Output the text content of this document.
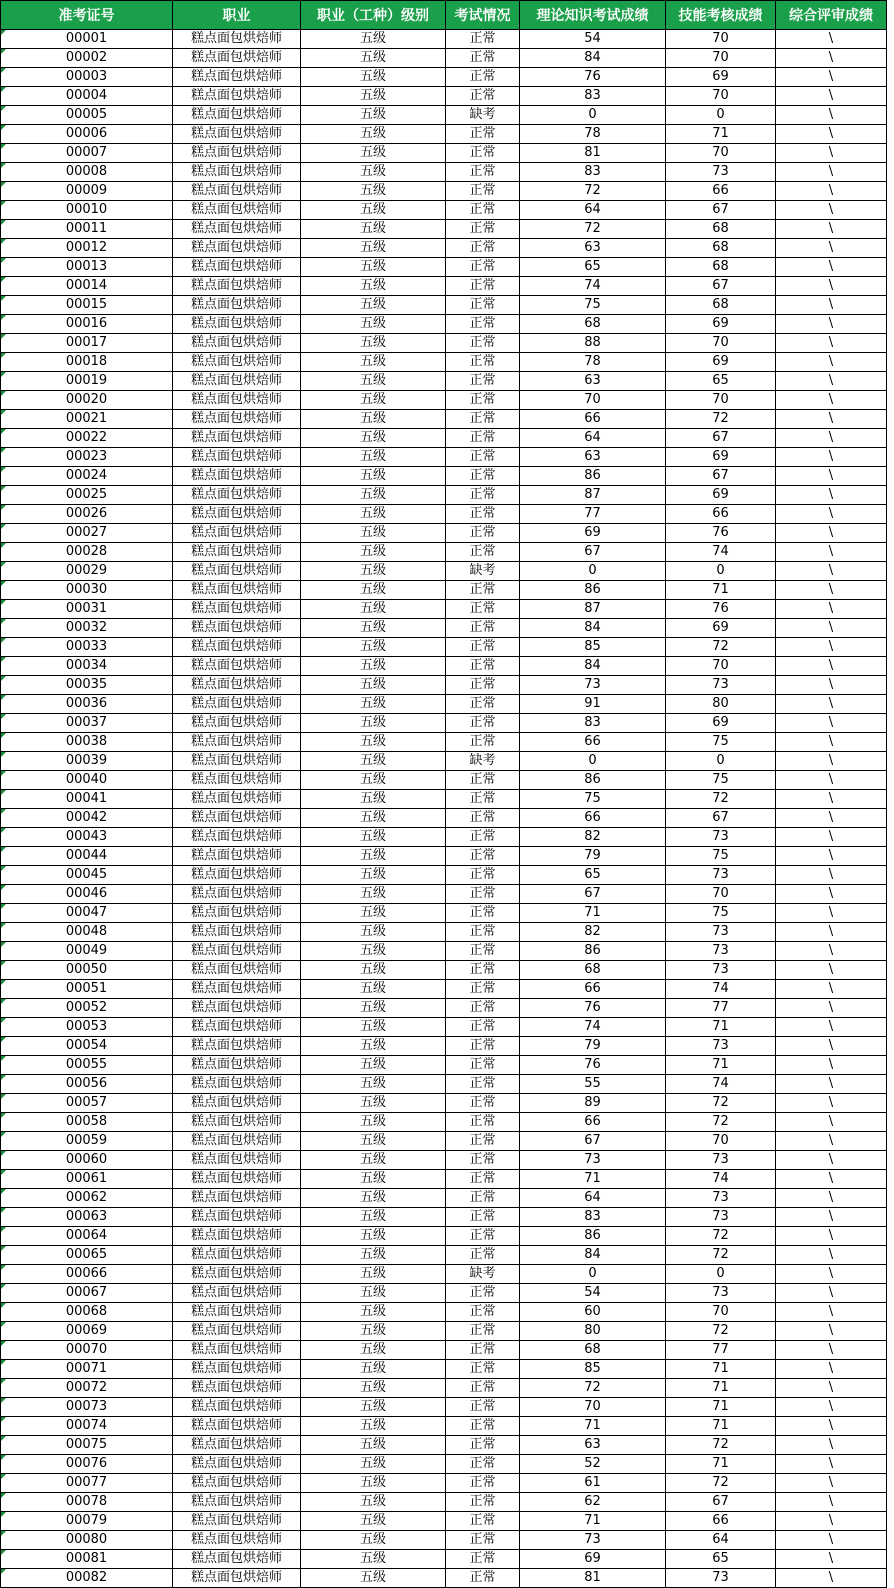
准考证号	职业	职业（工种）级别	考试情况	理论知识考试成绩	技能考核成绩	综合评审成绩
00001	糕点面包烘焙师	五级	正常	54	70	\
00002	糕点面包烘焙师	五级	正常	84	70	\
00003	糕点面包烘焙师	五级	正常	76	69	\
00004	糕点面包烘焙师	五级	正常	83	70	\
00005	糕点面包烘焙师	五级	缺考	0	0	\
00006	糕点面包烘焙师	五级	正常	78	71	\
00007	糕点面包烘焙师	五级	正常	81	70	\
00008	糕点面包烘焙师	五级	正常	83	73	\
00009	糕点面包烘焙师	五级	正常	72	66	\
00010	糕点面包烘焙师	五级	正常	64	67	\
00011	糕点面包烘焙师	五级	正常	72	68	\
00012	糕点面包烘焙师	五级	正常	63	68	\
00013	糕点面包烘焙师	五级	正常	65	68	\
00014	糕点面包烘焙师	五级	正常	74	67	\
00015	糕点面包烘焙师	五级	正常	75	68	\
00016	糕点面包烘焙师	五级	正常	68	69	\
00017	糕点面包烘焙师	五级	正常	88	70	\
00018	糕点面包烘焙师	五级	正常	78	69	\
00019	糕点面包烘焙师	五级	正常	63	65	\
00020	糕点面包烘焙师	五级	正常	70	70	\
00021	糕点面包烘焙师	五级	正常	66	72	\
00022	糕点面包烘焙师	五级	正常	64	67	\
00023	糕点面包烘焙师	五级	正常	63	69	\
00024	糕点面包烘焙师	五级	正常	86	67	\
00025	糕点面包烘焙师	五级	正常	87	69	\
00026	糕点面包烘焙师	五级	正常	77	66	\
00027	糕点面包烘焙师	五级	正常	69	76	\
00028	糕点面包烘焙师	五级	正常	67	74	\
00029	糕点面包烘焙师	五级	缺考	0	0	\
00030	糕点面包烘焙师	五级	正常	86	71	\
00031	糕点面包烘焙师	五级	正常	87	76	\
00032	糕点面包烘焙师	五级	正常	84	69	\
00033	糕点面包烘焙师	五级	正常	85	72	\
00034	糕点面包烘焙师	五级	正常	84	70	\
00035	糕点面包烘焙师	五级	正常	73	73	\
00036	糕点面包烘焙师	五级	正常	91	80	\
00037	糕点面包烘焙师	五级	正常	83	69	\
00038	糕点面包烘焙师	五级	正常	66	75	\
00039	糕点面包烘焙师	五级	缺考	0	0	\
00040	糕点面包烘焙师	五级	正常	86	75	\
00041	糕点面包烘焙师	五级	正常	75	72	\
00042	糕点面包烘焙师	五级	正常	66	67	\
00043	糕点面包烘焙师	五级	正常	82	73	\
00044	糕点面包烘焙师	五级	正常	79	75	\
00045	糕点面包烘焙师	五级	正常	65	73	\
00046	糕点面包烘焙师	五级	正常	67	70	\
00047	糕点面包烘焙师	五级	正常	71	75	\
00048	糕点面包烘焙师	五级	正常	82	73	\
00049	糕点面包烘焙师	五级	正常	86	73	\
00050	糕点面包烘焙师	五级	正常	68	73	\
00051	糕点面包烘焙师	五级	正常	66	74	\
00052	糕点面包烘焙师	五级	正常	76	77	\
00053	糕点面包烘焙师	五级	正常	74	71	\
00054	糕点面包烘焙师	五级	正常	79	73	\
00055	糕点面包烘焙师	五级	正常	76	71	\
00056	糕点面包烘焙师	五级	正常	55	74	\
00057	糕点面包烘焙师	五级	正常	89	72	\
00058	糕点面包烘焙师	五级	正常	66	72	\
00059	糕点面包烘焙师	五级	正常	67	70	\
00060	糕点面包烘焙师	五级	正常	73	73	\
00061	糕点面包烘焙师	五级	正常	71	74	\
00062	糕点面包烘焙师	五级	正常	64	73	\
00063	糕点面包烘焙师	五级	正常	83	73	\
00064	糕点面包烘焙师	五级	正常	86	72	\
00065	糕点面包烘焙师	五级	正常	84	72	\
00066	糕点面包烘焙师	五级	缺考	0	0	\
00067	糕点面包烘焙师	五级	正常	54	73	\
00068	糕点面包烘焙师	五级	正常	60	70	\
00069	糕点面包烘焙师	五级	正常	80	72	\
00070	糕点面包烘焙师	五级	正常	68	77	\
00071	糕点面包烘焙师	五级	正常	85	71	\
00072	糕点面包烘焙师	五级	正常	72	71	\
00073	糕点面包烘焙师	五级	正常	70	71	\
00074	糕点面包烘焙师	五级	正常	71	71	\
00075	糕点面包烘焙师	五级	正常	63	72	\
00076	糕点面包烘焙师	五级	正常	52	71	\
00077	糕点面包烘焙师	五级	正常	61	72	\
00078	糕点面包烘焙师	五级	正常	62	67	\
00079	糕点面包烘焙师	五级	正常	71	66	\
00080	糕点面包烘焙师	五级	正常	73	64	\
00081	糕点面包烘焙师	五级	正常	69	65	\
00082	糕点面包烘焙师	五级	正常	81	73	\
